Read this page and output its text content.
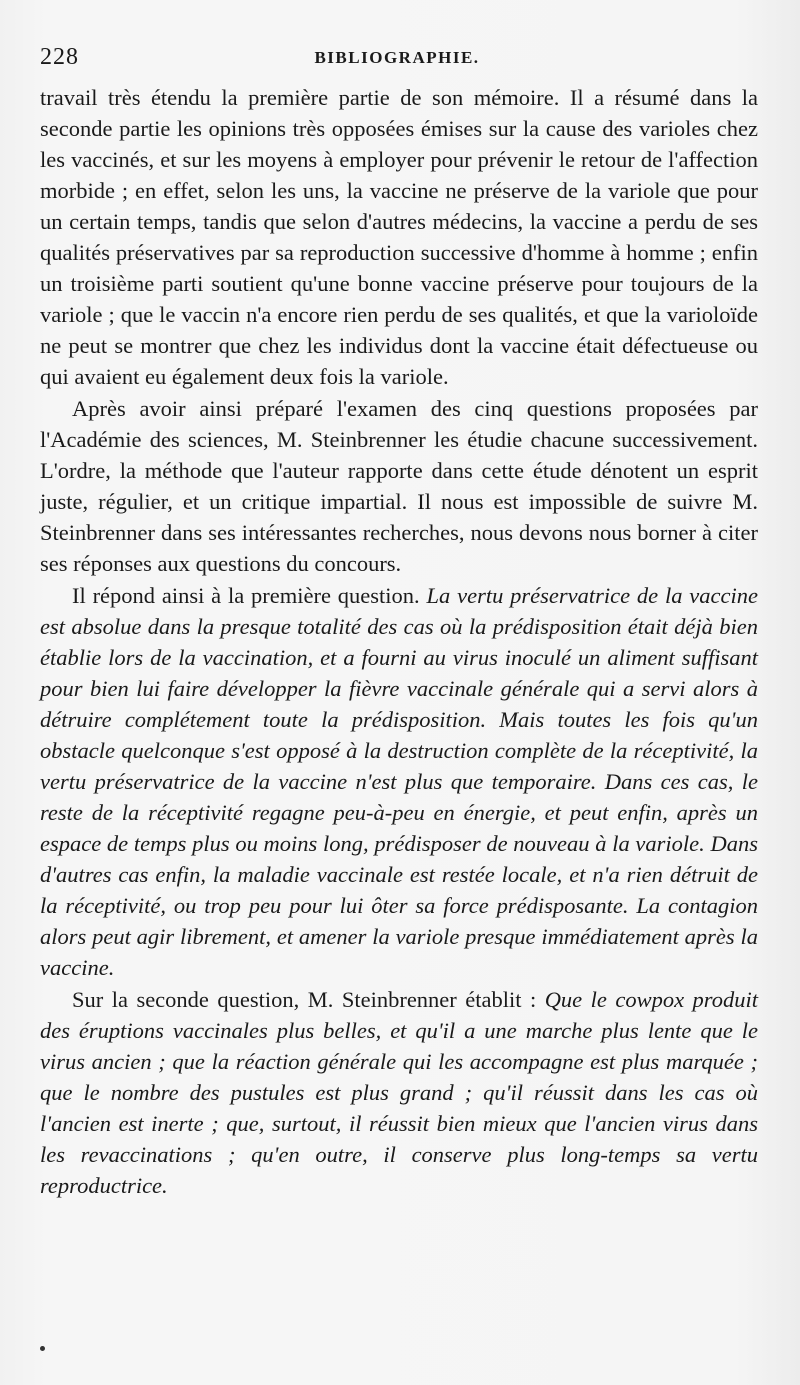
228	BIBLIOGRAPHIE.

travail très étendu la première partie de son mémoire. Il a résumé dans la seconde partie les opinions très opposées émises sur la cause des varioles chez les vaccinés, et sur les moyens à employer pour prévenir le retour de l'affection morbide ; en effet, selon les uns, la vaccine ne préserve de la variole que pour un certain temps, tandis que selon d'autres médecins, la vaccine a perdu de ses qualités préservatives par sa reproduction successive d'homme à homme ; enfin un troisième parti soutient qu'une bonne vaccine préserve pour toujours de la variole ; que le vaccin n'a encore rien perdu de ses qualités, et que la varioloïde ne peut se montrer que chez les individus dont la vaccine était défectueuse ou qui avaient eu également deux fois la variole.

Après avoir ainsi préparé l'examen des cinq questions proposées par l'Académie des sciences, M. Steinbrenner les étudie chacune successivement. L'ordre, la méthode que l'auteur rapporte dans cette étude dénotent un esprit juste, régulier, et un critique impartial. Il nous est impossible de suivre M. Steinbrenner dans ses intéressantes recherches, nous devons nous borner à citer ses réponses aux questions du concours.

Il répond ainsi à la première question. La vertu préservatrice de la vaccine est absolue dans la presque totalité des cas où la prédisposition était déjà bien établie lors de la vaccination, et a fourni au virus inoculé un aliment suffisant pour bien lui faire développer la fièvre vaccinale générale qui a servi alors à détruire complétement toute la prédisposition. Mais toutes les fois qu'un obstacle quelconque s'est opposé à la destruction complète de la réceptivité, la vertu préservatrice de la vaccine n'est plus que temporaire. Dans ces cas, le reste de la réceptivité regagne peu-à-peu en énergie, et peut enfin, après un espace de temps plus ou moins long, prédisposer de nouveau à la variole. Dans d'autres cas enfin, la maladie vaccinale est restée locale, et n'a rien détruit de la réceptivité, ou trop peu pour lui ôter sa force prédisposante. La contagion alors peut agir librement, et amener la variole presque immédiatement après la vaccine.

Sur la seconde question, M. Steinbrenner établit : Que le cowpox produit des éruptions vaccinales plus belles, et qu'il a une marche plus lente que le virus ancien ; que la réaction générale qui les accompagne est plus marquée ; que le nombre des pustules est plus grand ; qu'il réussit dans les cas où l'ancien est inerte ; que, surtout, il réussit bien mieux que l'ancien virus dans les revaccinations ; qu'en outre, il conserve plus long-temps sa vertu reproductrice.
